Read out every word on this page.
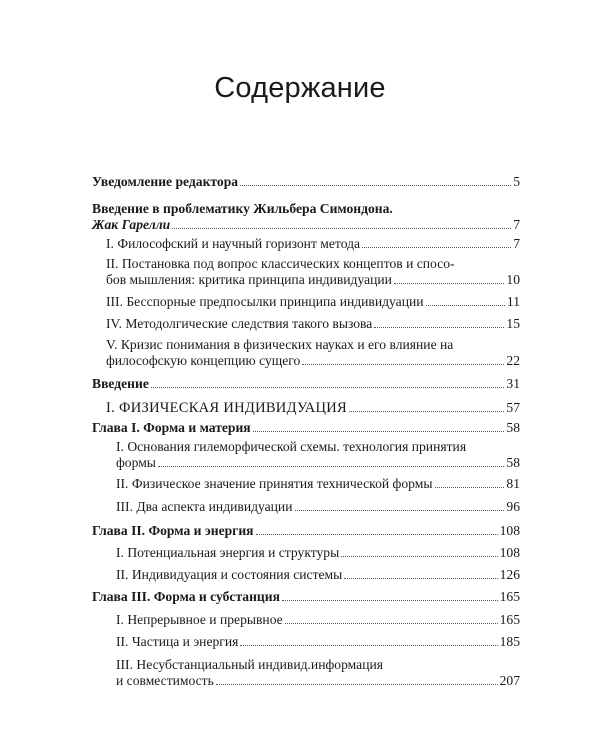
Содержание
Уведомление редактора	5
Введение в проблематику Жильбера Симондона.
Жак Гарелли	7
I. Философский и научный горизонт метода	7
II. Постановка под вопрос классических концептов и спосо-
бов мышления: критика принципа индивидуации	10
III. Бесспорные предпосылки принципа индивидуации	11
IV. Методолгические следствия такого вызова	15
V. Кризис понимания в физических науках и его влияние на
философскую концепцию сущего	22
Введение	31
I. ФИЗИЧЕСКАЯ ИНДИВИДУАЦИЯ	57
Глава I. Форма и материя	58
I. Основания гилеморфической схемы. технология принятия
формы	58
II. Физическое значение принятия технической формы	81
III. Два аспекта индивидуации	96
Глава II. Форма и энергия	108
I. Потенциальная энергия и структуры	108
II. Индивидуация и состояния системы	126
Глава III. Форма и субстанция	165
I. Непрерывное и прерывное	165
II. Частица и энергия	185
III. Несубстанциальный индивид.информация
и совместимость	207
